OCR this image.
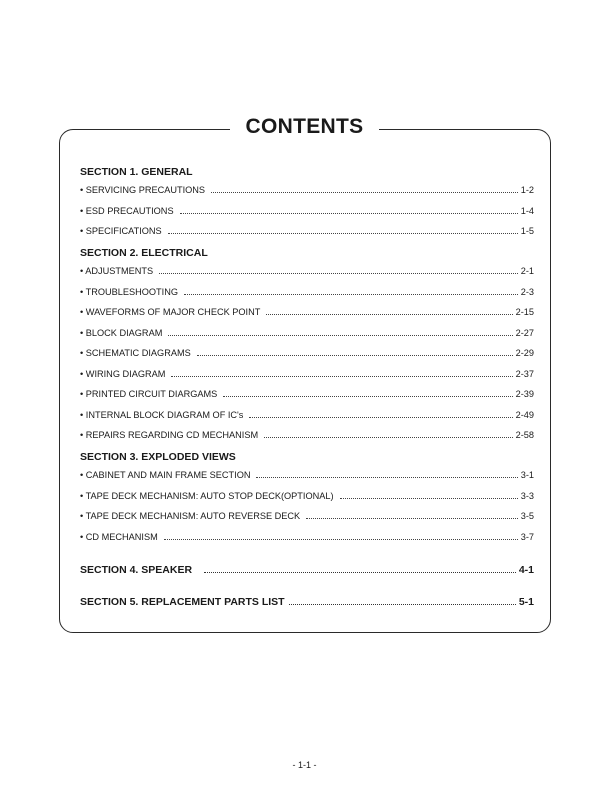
CONTENTS
SECTION 1. GENERAL
• SERVICING PRECAUTIONS	1-2
• ESD PRECAUTIONS	1-4
• SPECIFICATIONS	1-5
SECTION 2. ELECTRICAL
• ADJUSTMENTS	2-1
• TROUBLESHOOTING	2-3
• WAVEFORMS OF MAJOR CHECK POINT	2-15
• BLOCK DIAGRAM	2-27
• SCHEMATIC DIAGRAMS	2-29
• WIRING DIAGRAM	2-37
• PRINTED CIRCUIT DIARGAMS	2-39
• INTERNAL BLOCK DIAGRAM OF IC's	2-49
• REPAIRS REGARDING CD MECHANISM	2-58
SECTION 3. EXPLODED VIEWS
• CABINET AND MAIN FRAME SECTION	3-1
• TAPE DECK MECHANISM: AUTO STOP DECK(OPTIONAL)	3-3
• TAPE DECK MECHANISM: AUTO REVERSE DECK	3-5
• CD MECHANISM	3-7
SECTION 4. SPEAKER	4-1
SECTION 5. REPLACEMENT PARTS LIST	5-1
- 1-1 -
